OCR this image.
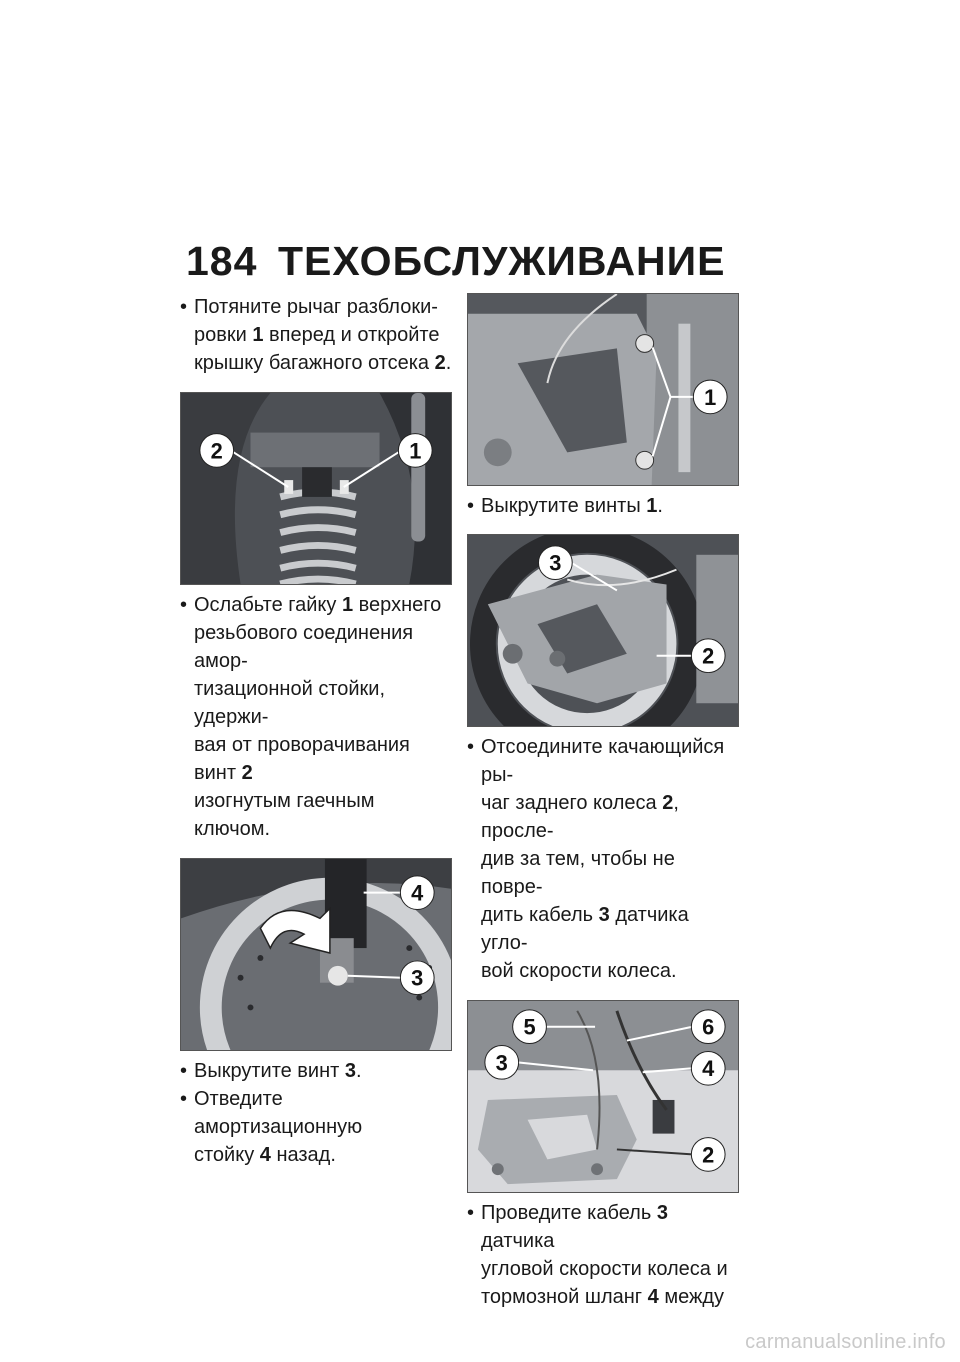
184 ТЕХОБСЛУЖИВАНИЕ

• Потяните рычаг разблоки-
ровки 1 вперед и откройте
крышку багажного отсека 2.

2	1

• Ослабьте гайку 1 верхнего
резьбового соединения амор-
тизационной стойки, удержи-
вая от проворачивания винт 2
изогнутым гаечным ключом.

4
3

• Выкрутите винт 3.

• Отведите амортизационную
стойку 4 назад.

1

• Выкрутите винты 1.

3
2

• Отсоедините качающийся ры-
чаг заднего колеса 2, просле-
див за тем, чтобы не повре-
дить кабель 3 датчика угло-
вой скорости колеса.

5	6
3	4
2

• Проведите кабель 3 датчика
угловой скорости колеса и
тормозной шланг 4 между

carmanualsonline.info
